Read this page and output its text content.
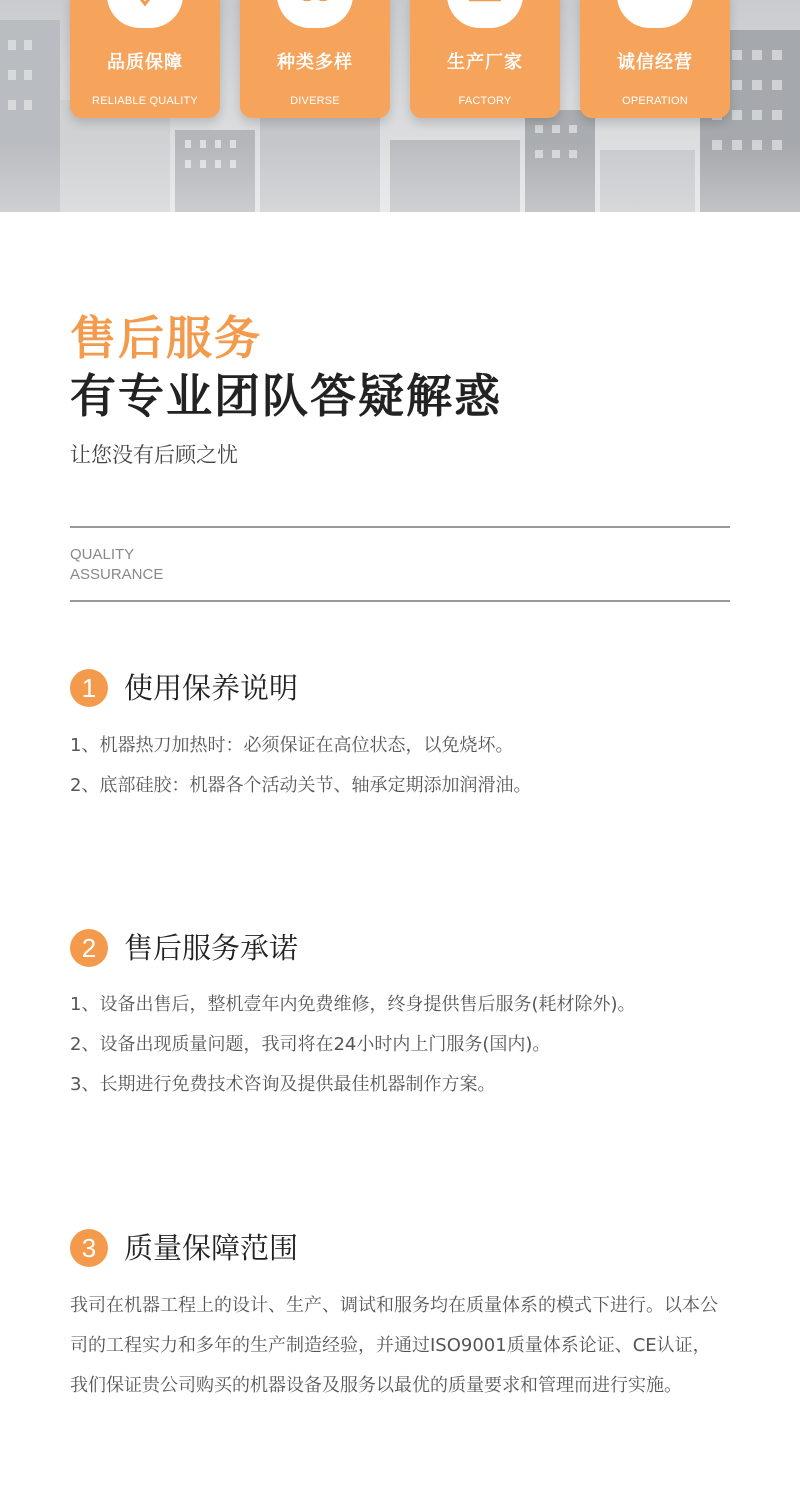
品质保障
RELIABLE QUALITY
种类多样
DIVERSE
生产厂家
FACTORY
诚信经营
OPERATION
售后服务
有专业团队答疑解惑
让您没有后顾之忧
QUALITY
ASSURANCE
1 使用保养说明
1、机器热刀加热时：必须保证在高位状态，以免烧坏。
2、底部硅胶：机器各个活动关节、轴承定期添加润滑油。
2 售后服务承诺
1、设备出售后，整机壹年内免费维修，终身提供售后服务(耗材除外)。
2、设备出现质量问题，我司将在24小时内上门服务(国内)。
3、长期进行免费技术咨询及提供最佳机器制作方案。
3 质量保障范围

我司在机器工程上的设计、生产、调试和服务均在质量体系的模式下进行。以本公司的工程实力和多年的生产制造经验，并通过ISO9001质量体系论证、CE认证，我们保证贵公司购买的机器设备及服务以最优的质量要求和管理而进行实施。
